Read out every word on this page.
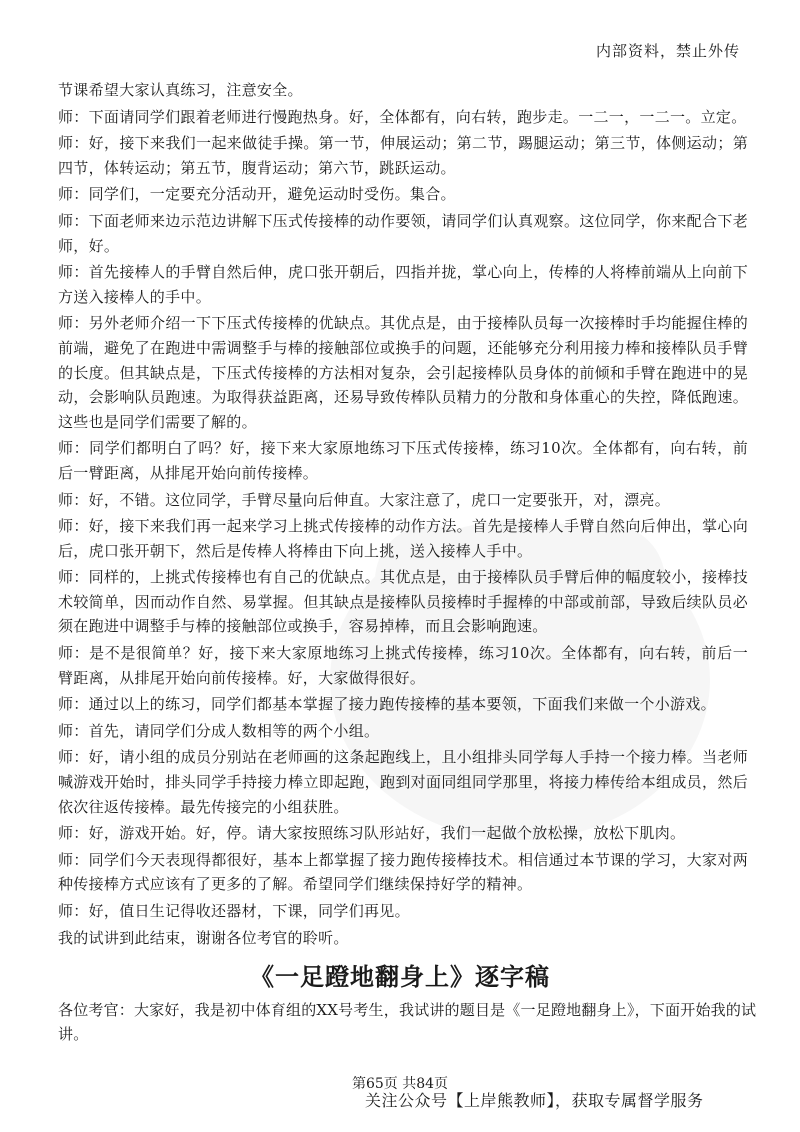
内部资料，禁止外传

节课希望大家认真练习，注意安全。

师：下面请同学们跟着老师进行慢跑热身。好，全体都有，向右转，跑步走。一二一，一二一。立定。

师：好，接下来我们一起来做徒手操。第一节，伸展运动；第二节，踢腿运动；第三节，体侧运动；第四节，体转运动；第五节，腹背运动；第六节，跳跃运动。

师：同学们，一定要充分活动开，避免运动时受伤。集合。

师：下面老师来边示范边讲解下压式传接棒的动作要领，请同学们认真观察。这位同学，你来配合下老师，好。

师：首先接棒人的手臂自然后伸，虎口张开朝后，四指并拢，掌心向上，传棒的人将棒前端从上向前下方送入接棒人的手中。

师：另外老师介绍一下下压式传接棒的优缺点。其优点是，由于接棒队员每一次接棒时手均能握住棒的前端，避免了在跑进中需调整手与棒的接触部位或换手的问题，还能够充分利用接力棒和接棒队员手臂的长度。但其缺点是，下压式传接棒的方法相对复杂，会引起接棒队员身体的前倾和手臂在跑进中的晃动，会影响队员跑速。为取得获益距离，还易导致传棒队员精力的分散和身体重心的失控，降低跑速。这些也是同学们需要了解的。

师：同学们都明白了吗？好，接下来大家原地练习下压式传接棒，练习10次。全体都有，向右转，前后一臂距离，从排尾开始向前传接棒。

师：好，不错。这位同学，手臂尽量向后伸直。大家注意了，虎口一定要张开，对，漂亮。

师：好，接下来我们再一起来学习上挑式传接棒的动作方法。首先是接棒人手臂自然向后伸出，掌心向后，虎口张开朝下，然后是传棒人将棒由下向上挑，送入接棒人手中。

师：同样的，上挑式传接棒也有自己的优缺点。其优点是，由于接棒队员手臂后伸的幅度较小，接棒技术较简单，因而动作自然、易掌握。但其缺点是接棒队员接棒时手握棒的中部或前部，导致后续队员必须在跑进中调整手与棒的接触部位或换手，容易掉棒，而且会影响跑速。

师：是不是很简单？好，接下来大家原地练习上挑式传接棒，练习10次。全体都有，向右转，前后一臂距离，从排尾开始向前传接棒。好，大家做得很好。

师：通过以上的练习，同学们都基本掌握了接力跑传接棒的基本要领，下面我们来做一个小游戏。

师：首先，请同学们分成人数相等的两个小组。

师：好，请小组的成员分别站在老师画的这条起跑线上，且小组排头同学每人手持一个接力棒。当老师喊游戏开始时，排头同学手持接力棒立即起跑，跑到对面同组同学那里，将接力棒传给本组成员，然后依次往返传接棒。最先传接完的小组获胜。

师：好，游戏开始。好，停。请大家按照练习队形站好，我们一起做个放松操，放松下肌肉。

师：同学们今天表现得都很好，基本上都掌握了接力跑传接棒技术。相信通过本节课的学习，大家对两种传接棒方式应该有了更多的了解。希望同学们继续保持好学的精神。

师：好，值日生记得收还器材，下课，同学们再见。

我的试讲到此结束，谢谢各位考官的聆听。

《一足蹬地翻身上》逐字稿
各位考官：大家好，我是初中体育组的XX号考生，我试讲的题目是《一足蹬地翻身上》，下面开始我的试讲。
第65页 共84页
关注公众号【上岸熊教师】，获取专属督学服务
